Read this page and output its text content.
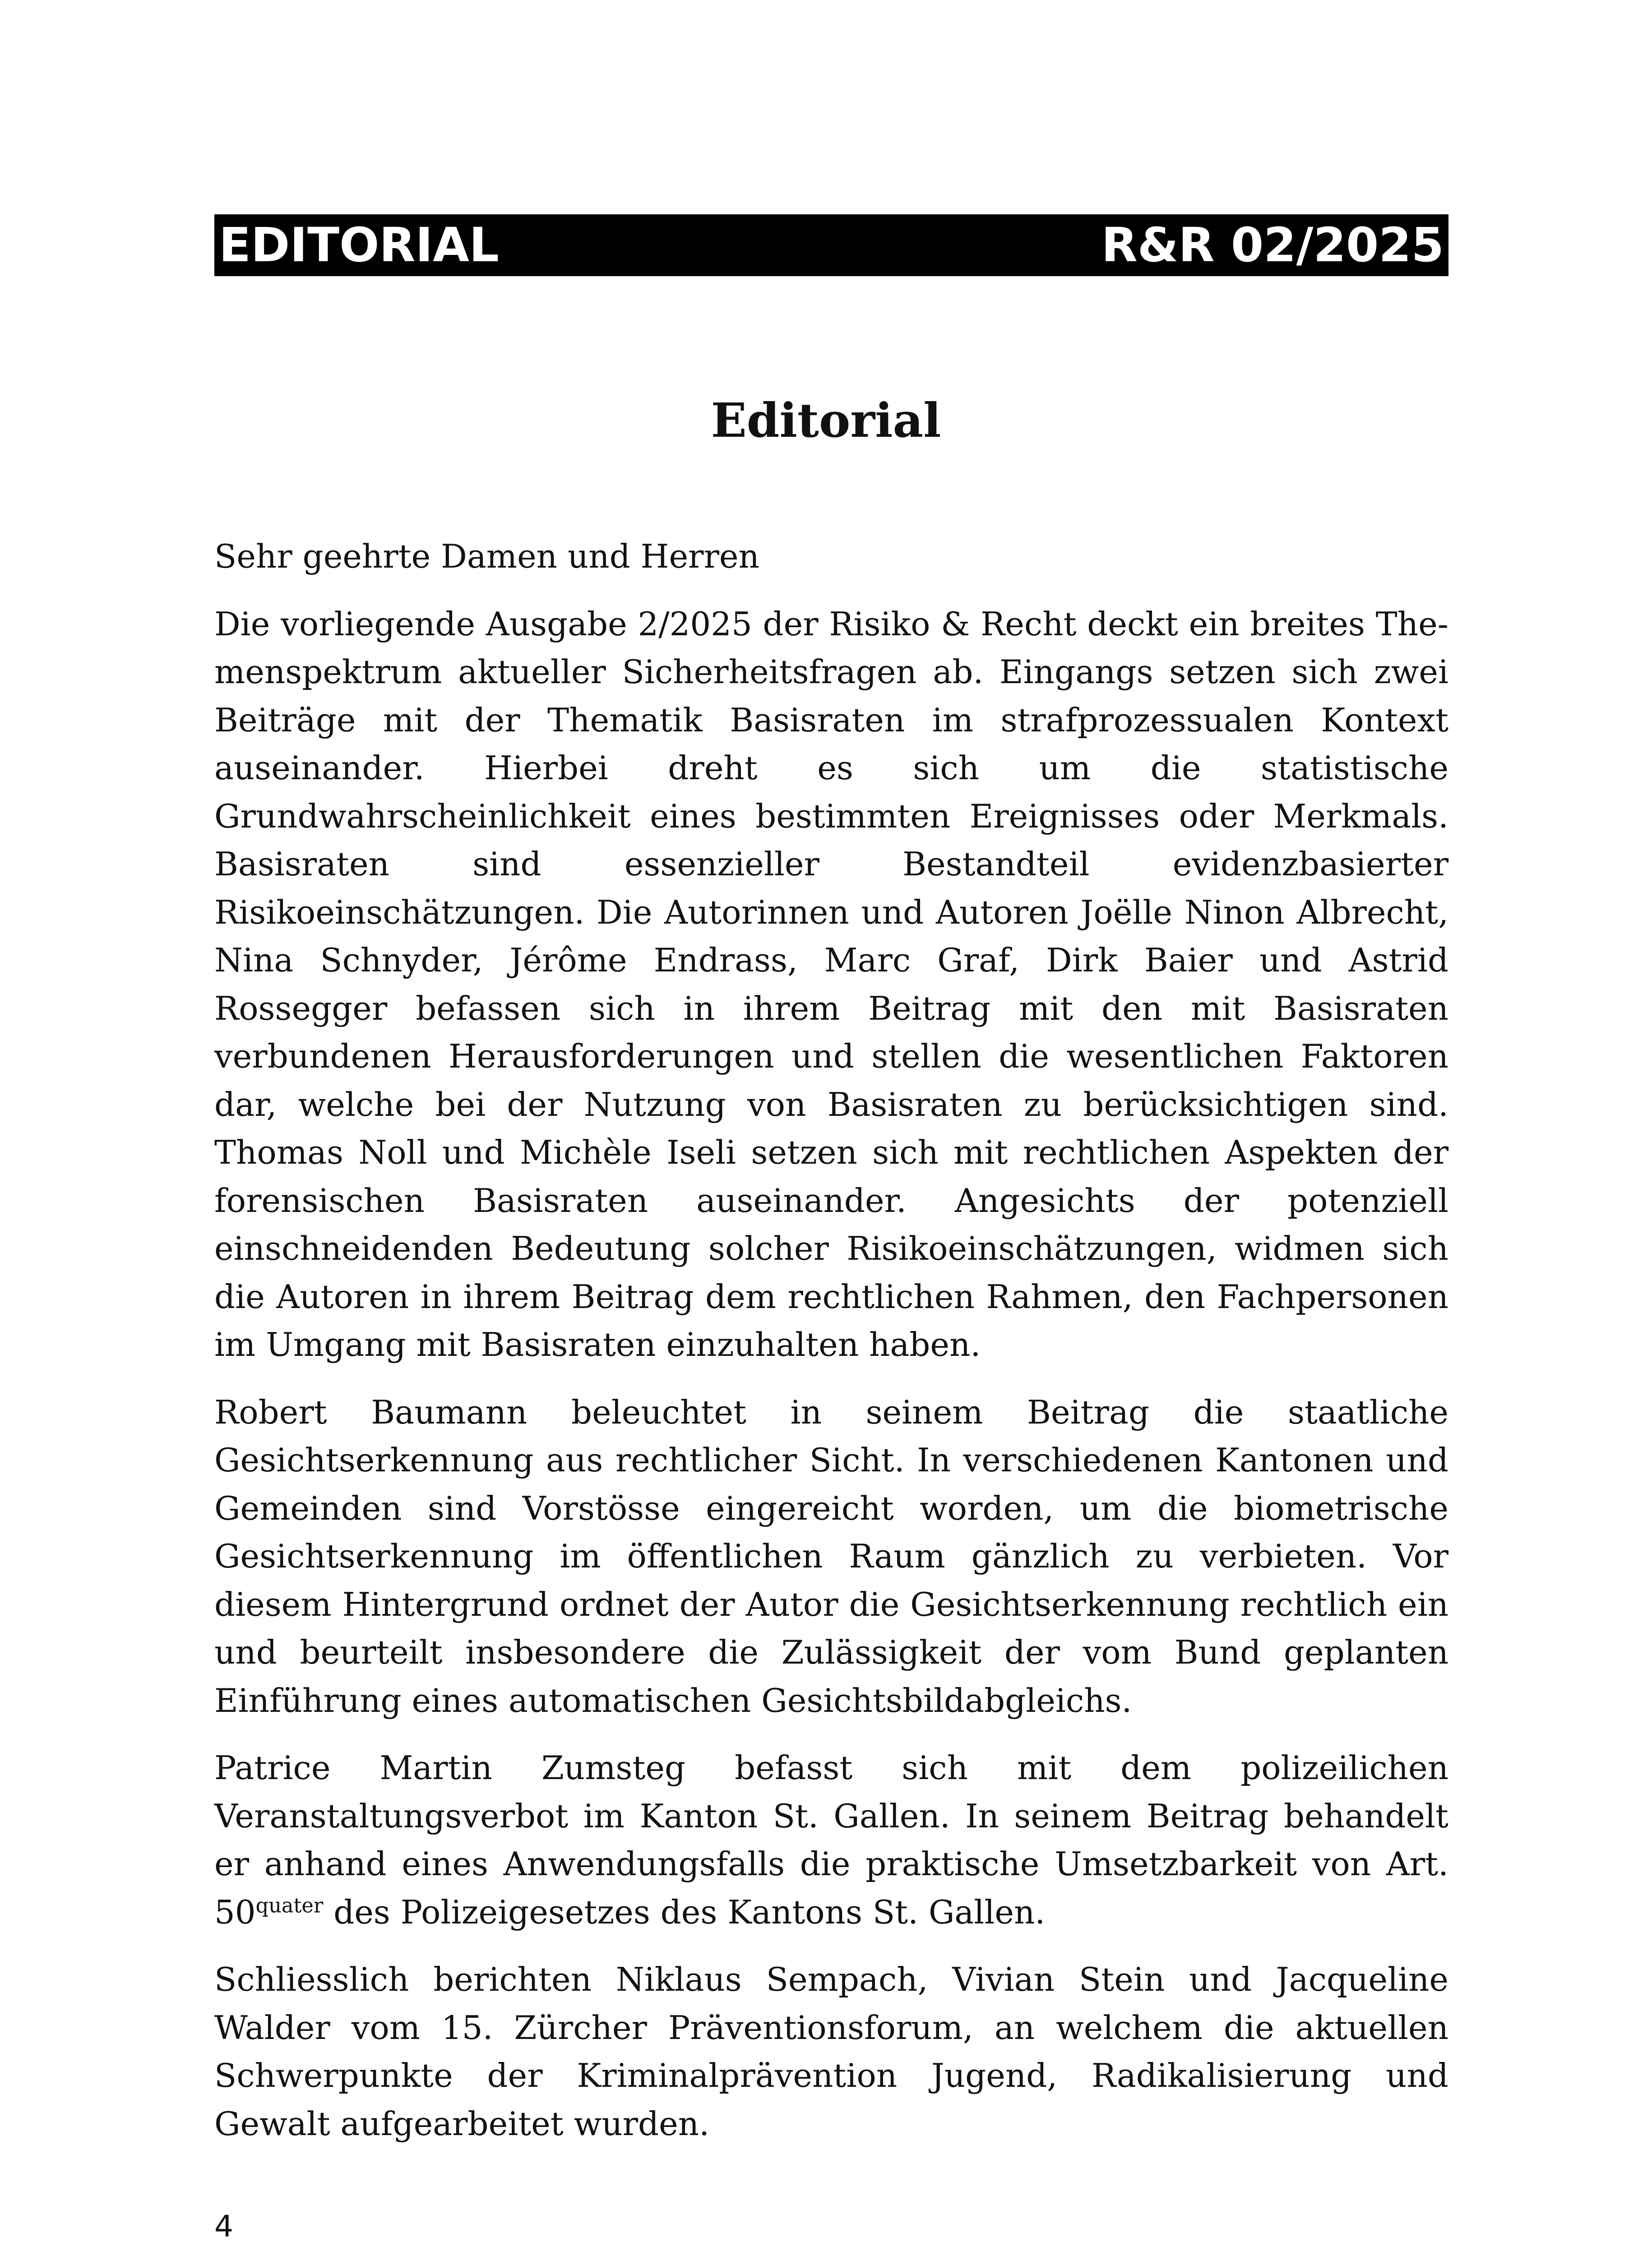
EDITORIAL	R&R 02/2025
Editorial

Sehr geehrte Damen und Herren

Die vorliegende Ausgabe 2/2025 der Risiko & Recht deckt ein breites Themenspektrum aktueller Sicherheitsfragen ab. Eingangs setzen sich zwei Beiträge mit der Thematik Basisraten im strafprozessualen Kontext auseinander. Hierbei dreht es sich um die statistische Grundwahrscheinlichkeit eines bestimmten Ereignisses oder Merkmals. Basisraten sind essenzieller Bestandteil evidenzbasierter Risikoeinschätzungen. Die Autorinnen und Autoren Joëlle Ninon Albrecht, Nina Schnyder, Jérôme Endrass, Marc Graf, Dirk Baier und Astrid Rossegger befassen sich in ihrem Beitrag mit den mit Basisraten verbundenen Herausforderungen und stellen die wesentlichen Faktoren dar, welche bei der Nutzung von Basisraten zu berücksichtigen sind. Thomas Noll und Michèle Iseli setzen sich mit rechtlichen Aspekten der forensischen Basisraten auseinander. Angesichts der potenziell einschneidenden Bedeutung solcher Risikoeinschätzungen, widmen sich die Autoren in ihrem Beitrag dem rechtlichen Rahmen, den Fachpersonen im Umgang mit Basisraten einzuhalten haben.

Robert Baumann beleuchtet in seinem Beitrag die staatliche Gesichtserkennung aus rechtlicher Sicht. In verschiedenen Kantonen und Gemeinden sind Vorstösse eingereicht worden, um die biometrische Gesichtserkennung im öffentlichen Raum gänzlich zu verbieten. Vor diesem Hintergrund ordnet der Autor die Gesichtserkennung rechtlich ein und beurteilt insbesondere die Zulässigkeit der vom Bund geplanten Einführung eines automatischen Gesichtsbildabgleichs.

Patrice Martin Zumsteg befasst sich mit dem polizeilichen Veranstaltungsverbot im Kanton St. Gallen. In seinem Beitrag behandelt er anhand eines Anwendungsfalls die praktische Umsetzbarkeit von Art. $50^{quater}$ des Polizeigesetzes des Kantons St. Gallen.

Schliesslich berichten Niklaus Sempach, Vivian Stein und Jacqueline Walder vom 15. Zürcher Präventionsforum, an welchem die aktuellen Schwerpunkte der Kriminalprävention Jugend, Radikalisierung und Gewalt aufgearbeitet wurden.

4
